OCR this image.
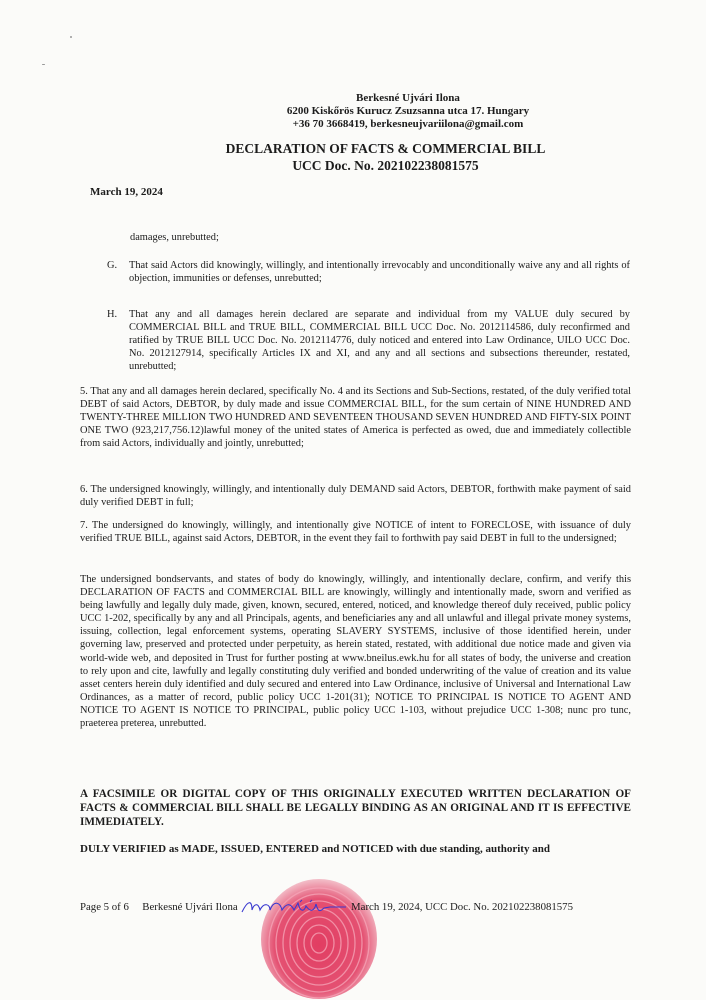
Berkesné Ujvári Ilona
6200 Kiskőrös Kurucz Zsuzsanna utca 17. Hungary
+36 70 3668419, berkesneujvariilona@gmail.com
DECLARATION OF FACTS & COMMERCIAL BILL
UCC Doc. No. 202102238081575
March 19, 2024
damages, unrebutted;
G. That said Actors did knowingly, willingly, and intentionally irrevocably and unconditionally waive any and all rights of objection, immunities or defenses, unrebutted;
H. That any and all damages herein declared are separate and individual from my VALUE duly secured by COMMERCIAL BILL and TRUE BILL, COMMERCIAL BILL UCC Doc. No. 2012114586, duly reconfirmed and ratified by TRUE BILL UCC Doc. No. 2012114776, duly noticed and entered into Law Ordinance, UILO UCC Doc. No. 2012127914, specifically Articles IX and XI, and any and all sections and subsections thereunder, restated, unrebutted;
5. That any and all damages herein declared, specifically No. 4 and its Sections and Sub-Sections, restated, of the duly verified total DEBT of said Actors, DEBTOR, by duly made and issue COMMERCIAL BILL, for the sum certain of NINE HUNDRED AND TWENTY-THREE MILLION TWO HUNDRED AND SEVENTEEN THOUSAND SEVEN HUNDRED AND FIFTY-SIX POINT ONE TWO (923,217,756.12)lawful money of the united states of America is perfected as owed, due and immediately collectible from said Actors, individually and jointly, unrebutted;
6. The undersigned knowingly, willingly, and intentionally duly DEMAND said Actors, DEBTOR, forthwith make payment of said duly verified DEBT in full;
7. The undersigned do knowingly, willingly, and intentionally give NOTICE of intent to FORECLOSE, with issuance of duly verified TRUE BILL, against said Actors, DEBTOR, in the event they fail to forthwith pay said DEBT in full to the undersigned;
The undersigned bondservants, and states of body do knowingly, willingly, and intentionally declare, confirm, and verify this DECLARATION OF FACTS and COMMERCIAL BILL are knowingly, willingly and intentionally made, sworn and verified as being lawfully and legally duly made, given, known, secured, entered, noticed, and knowledge thereof duly received, public policy UCC 1-202, specifically by any and all Principals, agents, and beneficiaries any and all unlawful and illegal private money systems, issuing, collection, legal enforcement systems, operating SLAVERY SYSTEMS, inclusive of those identified herein, under governing law, preserved and protected under perpetuity, as herein stated, restated, with additional due notice made and given via world-wide web, and deposited in Trust for further posting at www.bneilus.ewk.hu for all states of body, the universe and creation to rely upon and cite, lawfully and legally constituting duly verified and bonded underwriting of the value of creation and its value asset centers herein duly identified and duly secured and entered into Law Ordinance, inclusive of Universal and International Law Ordinances, as a matter of record, public policy UCC 1-201(31); NOTICE TO PRINCIPAL IS NOTICE TO AGENT AND NOTICE TO AGENT IS NOTICE TO PRINCIPAL, public policy UCC 1-103, without prejudice UCC 1-308; nunc pro tunc, praeterea preterea, unrebutted.
A FACSIMILE OR DIGITAL COPY OF THIS ORIGINALLY EXECUTED WRITTEN DECLARATION OF FACTS & COMMERCIAL BILL SHALL BE LEGALLY BINDING AS AN ORIGINAL AND IT IS EFFECTIVE IMMEDIATELY.
DULY VERIFIED as MADE, ISSUED, ENTERED and NOTICED with due standing, authority and
Page 5 of 6 Berkesné Ujvári Ilona	March 19, 2024, UCC Doc. No. 202102238081575
